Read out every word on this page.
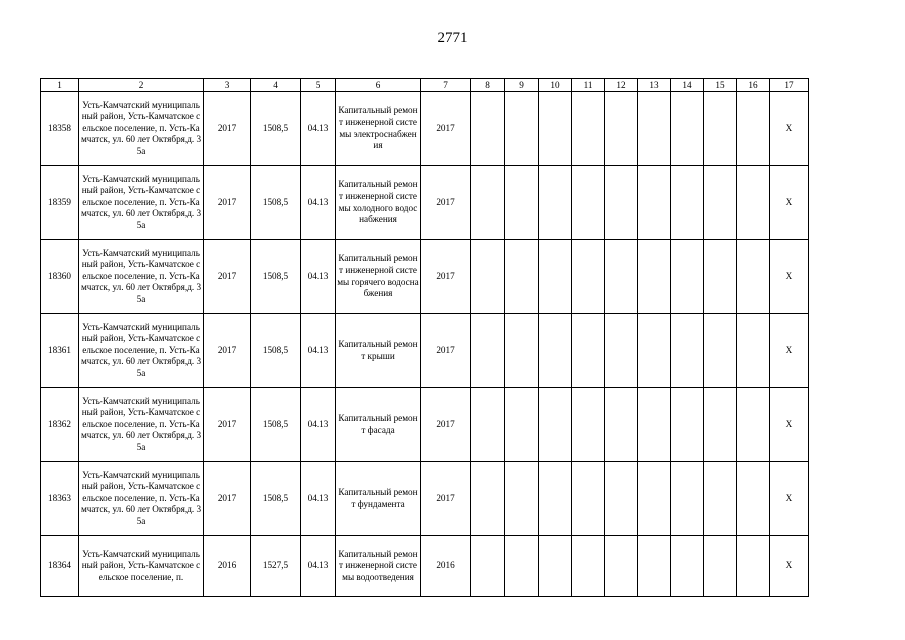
2771
1	2	3	4	5	6	7	8	9	10	11	12	13	14	15	16	17
18358	Усть-Камчатский муниципальный район, Усть-Камчатское сельское поселение, п. Усть-Камчатск, ул. 60 лет Октября,д. 35а	2017	1508,5	04.13	Капитальный ремонт инженерной системы электроснабжен ия	2017										Х
18359	Усть-Камчатский муниципальный район, Усть-Камчатское сельское поселение, п. Усть-Камчатск, ул. 60 лет Октября,д. 35а	2017	1508,5	04.13	Капитальный ремонт инженерной системы холодного водоснабжения	2017										Х
18360	Усть-Камчатский муниципальный район, Усть-Камчатское сельское поселение, п. Усть-Камчатск, ул. 60 лет Октября,д. 35а	2017	1508,5	04.13	Капитальный ремонт инженерной системы горячего водоснабжения	2017										Х
18361	Усть-Камчатский муниципальный район, Усть-Камчатское сельское поселение, п. Усть-Камчатск, ул. 60 лет Октября,д. 35а	2017	1508,5	04.13	Капитальный ремонт крыши	2017										Х
18362	Усть-Камчатский муниципальный район, Усть-Камчатское сельское поселение, п. Усть-Камчатск, ул. 60 лет Октября,д. 35а	2017	1508,5	04.13	Капитальный ремонт фасада	2017										Х
18363	Усть-Камчатский муниципальный район, Усть-Камчатское сельское поселение, п. Усть-Камчатск, ул. 60 лет Октября,д. 35а	2017	1508,5	04.13	Капитальный ремонт фундамента	2017										Х
18364	Усть-Камчатский муниципальный район, Усть-Камчатское сельское поселение, п.	2016	1527,5	04.13	Капитальный ремонт инженерной системы водоотведения	2016										Х
